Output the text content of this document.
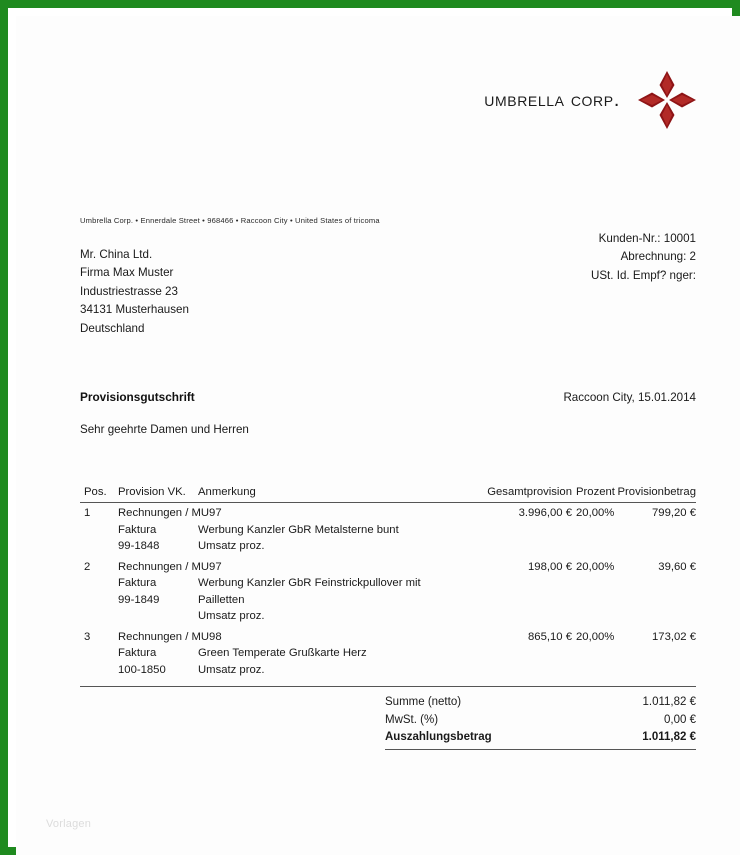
umbrella corp.
Umbrella Corp. • Ennerdale Street • 968466 • Raccoon City • United States of tricoma
Mr. China Ltd.
Firma Max Muster
Industriestrasse 23
34131 Musterhausen
Deutschland
Kunden-Nr.: 10001
Abrechnung: 2
USt. Id. Empf? nger:
Provisionsgutschrift	Raccoon City, 15.01.2014
Sehr geehrte Damen und Herren
Pos. Provision VK. Anmerkung	Gesamtprovision Prozent Provisionbetrag
1 Rechnungen / MU97	3.996,00 € 20,00%	799,20 €
Faktura	Werbung Kanzler GbR Metalsterne bunt
99-1848	Umsatz proz.
2 Rechnungen / MU97	198,00 € 20,00%	39,60 €
Faktura	Werbung Kanzler GbR Feinstrickpullover mit
99-1849	Pailletten
Umsatz proz.
3 Rechnungen / MU98	865,10 € 20,00%	173,02 €
Faktura	Green Temperate Grußkarte Herz
100-1850	Umsatz proz.
Summe (netto)	1.011,82 €
MwSt. (%)	0,00 €
Auszahlungsbetrag	1.011,82 €
Vorlagen
